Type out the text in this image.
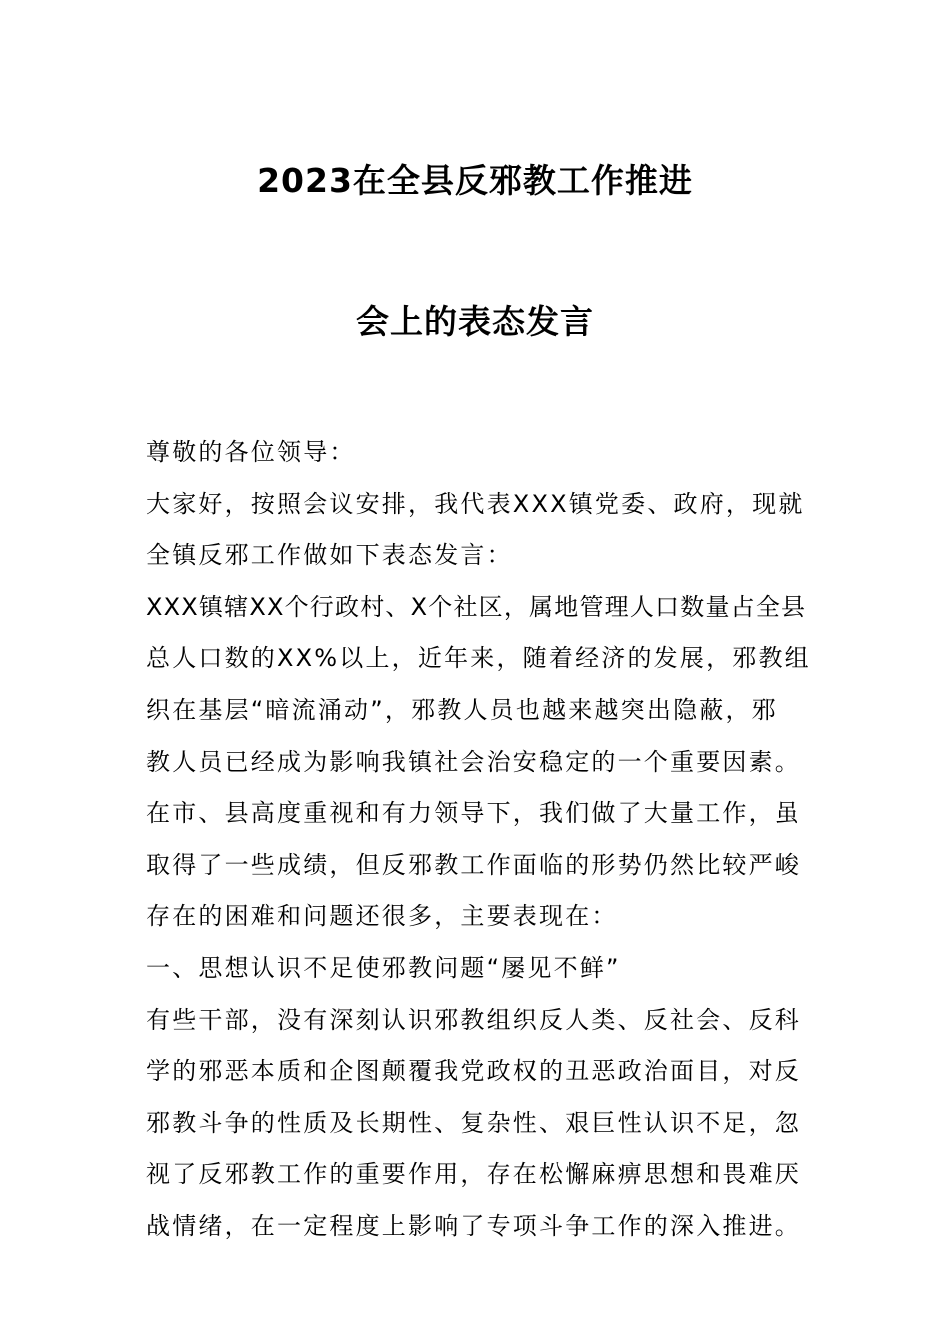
2023在全县反邪教工作推进
会上的表态发言
尊敬的各位领导：
大家好，按照会议安排，我代表XXX镇党委、政府，现就
全镇反邪工作做如下表态发言：
XXX镇辖XX个行政村、X个社区，属地管理人口数量占全县
总人口数的XX%以上，近年来，随着经济的发展，邪教组
织在基层“暗流涌动”，邪教人员也越来越突出隐蔽，邪
教人员已经成为影响我镇社会治安稳定的一个重要因素。
在市、县高度重视和有力领导下，我们做了大量工作，虽
取得了一些成绩，但反邪教工作面临的形势仍然比较严峻
存在的困难和问题还很多，主要表现在：
一、思想认识不足使邪教问题“屡见不鲜”
有些干部，没有深刻认识邪教组织反人类、反社会、反科
学的邪恶本质和企图颠覆我党政权的丑恶政治面目，对反
邪教斗争的性质及长期性、复杂性、艰巨性认识不足，忽
视了反邪教工作的重要作用，存在松懈麻痹思想和畏难厌
战情绪，在一定程度上影响了专项斗争工作的深入推进。
